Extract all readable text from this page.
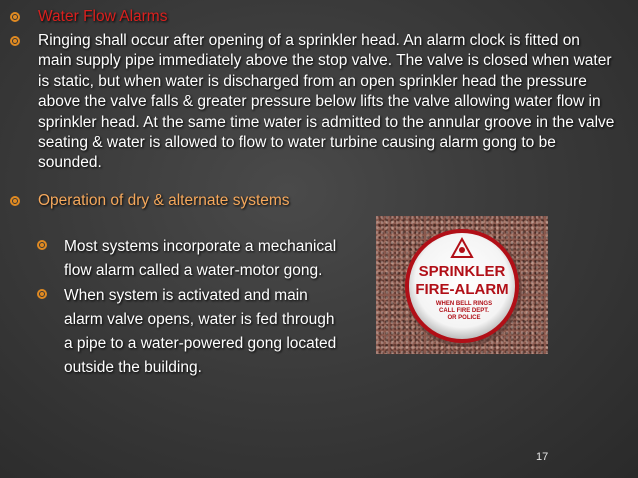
Water Flow Alarms
Ringing shall occur after opening of a sprinkler head. An alarm clock is fitted on
main supply pipe immediately above the stop valve. The valve is closed when water
is static, but when water is discharged from an open sprinkler head the pressure
above the valve falls & greater pressure below lifts the valve allowing water flow in
sprinkler head. At the same time water is admitted to the annular groove in the valve
seating & water is allowed to flow to water turbine causing alarm gong to be
sounded.
Operation of dry & alternate systems
Most systems incorporate a mechanical
flow alarm called a water-motor gong.
When system is activated and main
alarm valve opens, water is fed through
a pipe to a water-powered gong located
outside the building.
SPRINKLER
FIRE-ALARM
WHEN BELL RINGS
CALL FIRE DEPT.
OR POLICE
17
